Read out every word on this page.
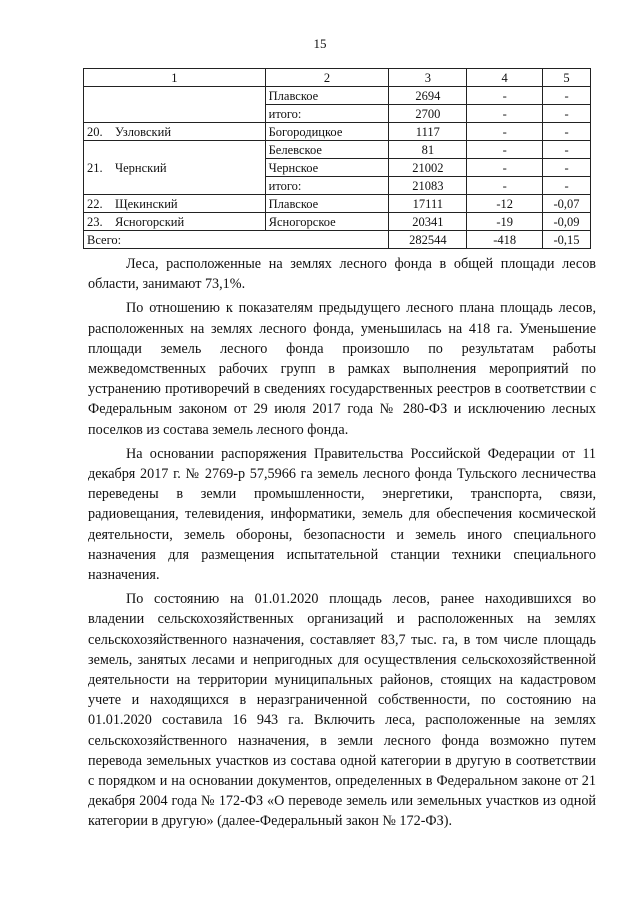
15
1	2	3	4	5
	Плавское	2694	-	-
	итого:	2700	-	-
20. Узловский	Богородицкое	1117	-	-
21. Чернский	Белевское	81	-	-
	Чернское	21002	-	-
	итого:	21083	-	-
22. Щекинский	Плавское	17111	-12	-0,07
23. Ясногорский	Ясногорское	20341	-19	-0,09
Всего:		282544	-418	-0,15

Леса, расположенные на землях лесного фонда в общей площади лесов области, занимают 73,1%.

По отношению к показателям предыдущего лесного плана площадь лесов, расположенных на землях лесного фонда, уменьшилась на 418 га. Уменьшение площади земель лесного фонда произошло по результатам работы межведомственных рабочих групп в рамках выполнения мероприятий по устранению противоречий в сведениях государственных реестров в соответствии с Федеральным законом от 29 июля 2017 года № 280-ФЗ и исключению лесных поселков из состава земель лесного фонда.

На основании распоряжения Правительства Российской Федерации от 11 декабря 2017 г. № 2769-р 57,5966 га земель лесного фонда Тульского лесничества переведены в земли промышленности, энергетики, транспорта, связи, радиовещания, телевидения, информатики, земель для обеспечения космической деятельности, земель обороны, безопасности и земель иного специального назначения для размещения испытательной станции техники специального назначения.

По состоянию на 01.01.2020 площадь лесов, ранее находившихся во владении сельскохозяйственных организаций и расположенных на землях сельскохозяйственного назначения, составляет 83,7 тыс. га, в том числе площадь земель, занятых лесами и непригодных для осуществления сельскохозяйственной деятельности на территории муниципальных районов, стоящих на кадастровом учете и находящихся в неразграниченной собственности, по состоянию на 01.01.2020 составила 16 943 га. Включить леса, расположенные на землях сельскохозяйственного назначения, в земли лесного фонда возможно путем перевода земельных участков из состава одной категории в другую в соответствии с порядком и на основании документов, определенных в Федеральном законе от 21 декабря 2004 года № 172-ФЗ «О переводе земель или земельных участков из одной категории в другую» (далее-Федеральный закон № 172-ФЗ).
